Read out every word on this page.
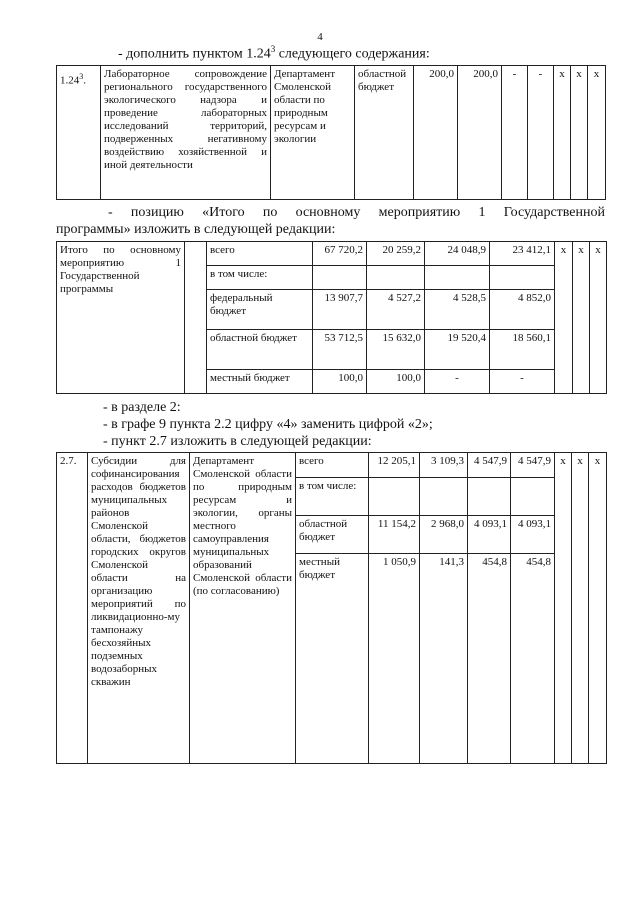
4
- дополнить пунктом 1.24$^3$ следующего содержания:
1.24$^3$.	Лабораторное сопровождение регионального государственного экологического надзора и проведение лабораторных исследований территорий, подверженных негативному воздействию хозяйственной и иной деятельности	Департамент Смоленской области по природным ресурсам и экологии	областной бюджет	200,0	200,0	-	-	x	x	x
- позицию «Итого по основному мероприятию 1 Государственной
программы» изложить в следующей редакции:
Итого по основному мероприятию 1 Государственной программы		всего	67 720,2	20 259,2	24 048,9	23 412,1	x	x	x
		в том числе:							
		федеральный бюджет	13 907,7	4 527,2	4 528,5	4 852,0			
		областной бюджет	53 712,5	15 632,0	19 520,4	18 560,1			
		местный бюджет	100,0	100,0	-	-			
- в разделе 2:
- в графе 9 пункта 2.2 цифру «4» заменить цифрой «2»;
- пункт 2.7 изложить в следующей редакции:
2.7.	Субсидии для софинансирования расходов бюджетов муниципальных районов Смоленской области, бюджетов городских округов Смоленской области на организацию мероприятий по ликвидационно-му тампонажу бесхозяйных подземных водозаборных скважин	Департамент Смоленской области по природным ресурсам и экологии, органы местного самоуправления муниципальных образований Смоленской области (по согласованию)	всего	12 205,1	3 109,3	4 547,9	4 547,9	x	x	x
			в том числе:							
			областной бюджет	11 154,2	2 968,0	4 093,1	4 093,1			
			местный бюджет	1 050,9	141,3	454,8	454,8			
